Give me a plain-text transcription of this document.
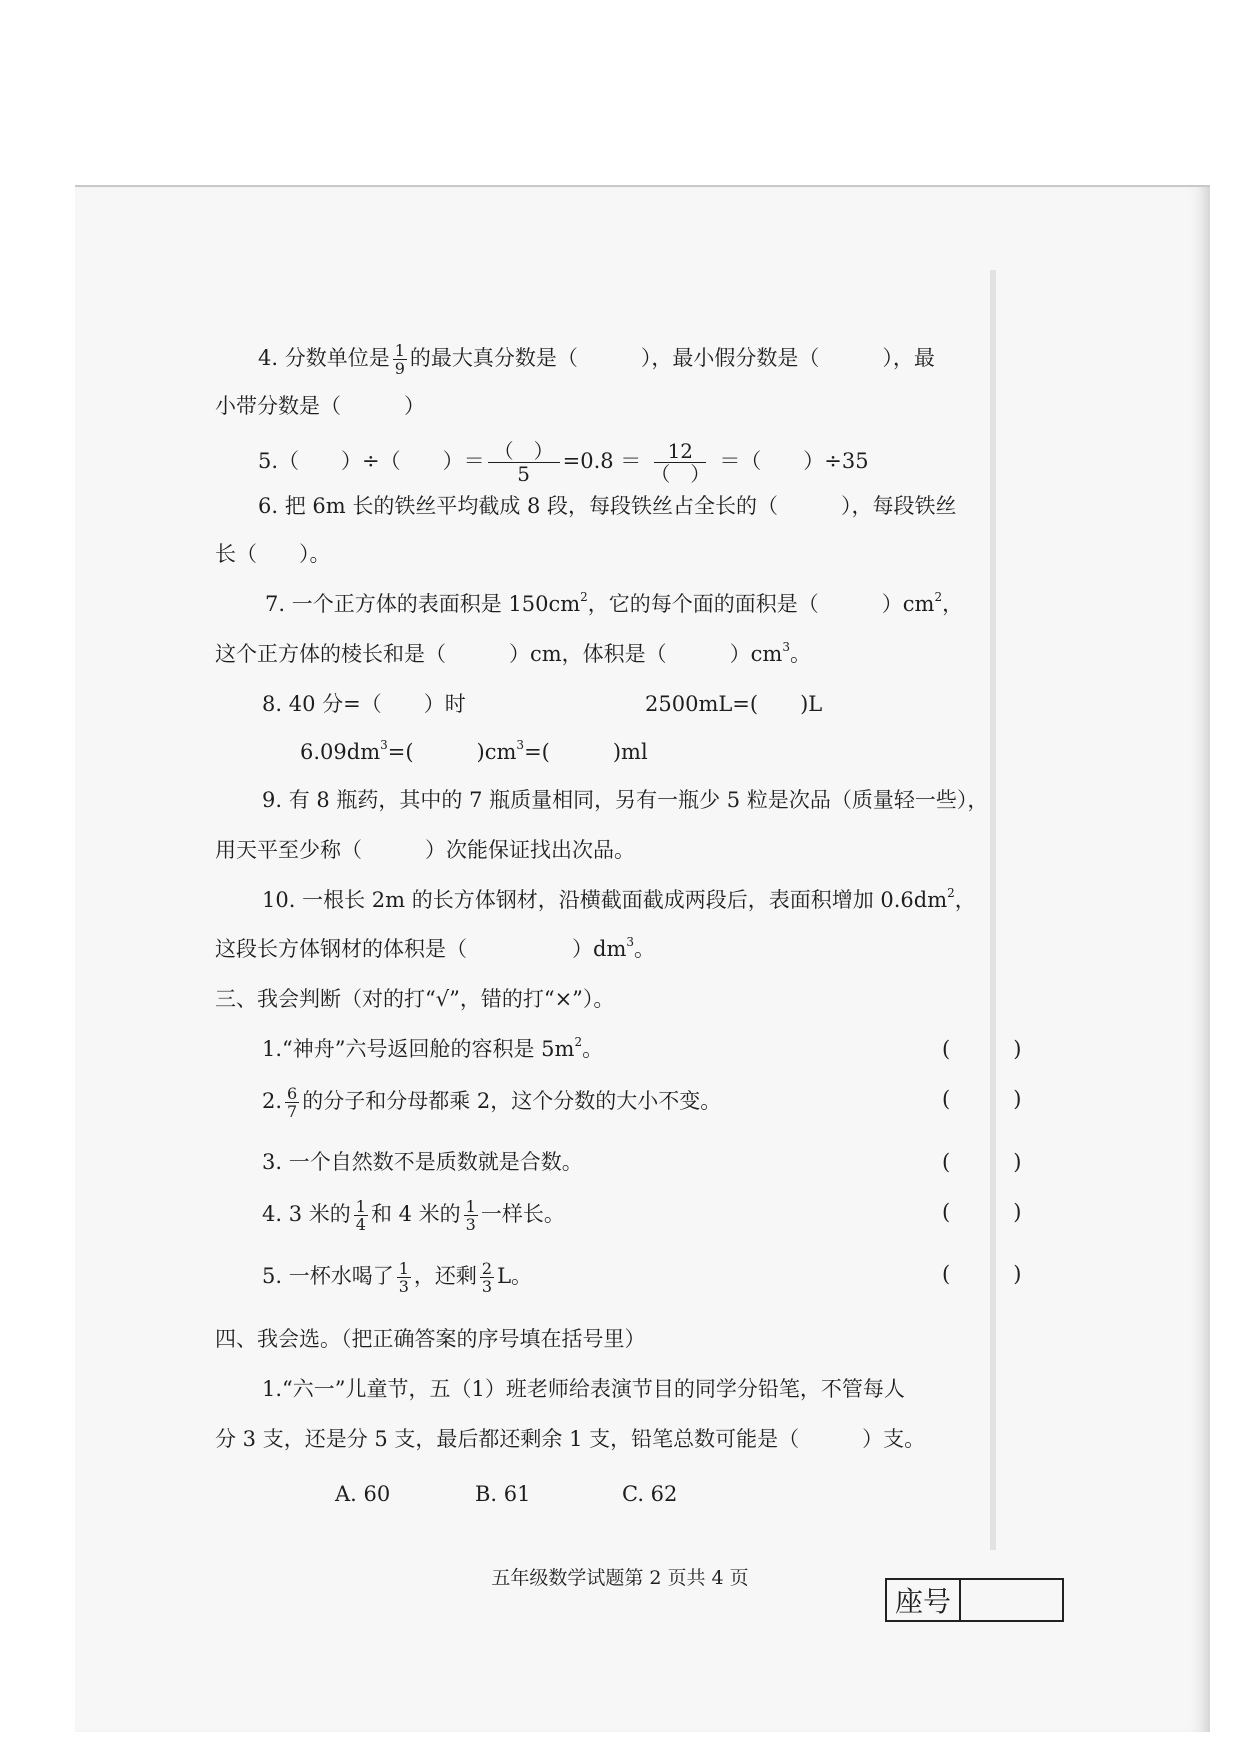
4. 分数单位是 $\frac{1}{9}$ 的最大真分数是（　　　），最小假分数是（　　　），最
小带分数是（　　　）
5.（　　）÷（　　）＝ $\frac{( )}{5} =0.8 = \frac{12}{( )}$ ＝（　　）÷35
6. 把 6m 长的铁丝平均截成 8 段，每段铁丝占全长的（　　　），每段铁丝
长（　　）。
7. 一个正方体的表面积是 $150cm^2$，它的每个面的面积是（　　　）$cm^2$，
这个正方体的棱长和是（　　　）cm，体积是（　　　）$cm^3$。
8. 40 分=（　　）时	2500mL=(　　)L
$6.09dm^3=$(　　　)$cm^3=$(　　　)ml
9. 有 8 瓶药，其中的 7 瓶质量相同，另有一瓶少 5 粒是次品（质量轻一些），
用天平至少称（　　　）次能保证找出次品。
10. 一根长 2m 的长方体钢材，沿横截面截成两段后，表面积增加 $0.6dm^2$，
这段长方体钢材的体积是（　　　　　）$dm^3$。
三、我会判断（对的打“√”，错的打“×”）。
1.“神舟”六号返回舱的容积是 $5m^2$。	(　　　)
2. $\frac{6}{7}$ 的分子和分母都乘 2，这个分数的大小不变。	(　　　)
3. 一个自然数不是质数就是合数。	(　　　)
4. 3 米的 $\frac{1}{4}$ 和 4 米的 $\frac{1}{3}$ 一样长。	(　　　)
5. 一杯水喝了 $\frac{1}{3}$ ，还剩 $\frac{2}{3}$ L。	(　　　)
四、我会选。（把正确答案的序号填在括号里）
1.“六一”儿童节，五（1）班老师给表演节目的同学分铅笔，不管每人
分 3 支，还是分 5 支，最后都还剩余 1 支，铅笔总数可能是（　　　）支。
A. 60	B. 61	C. 62
五年级数学试题第 2 页共 4 页
座号
